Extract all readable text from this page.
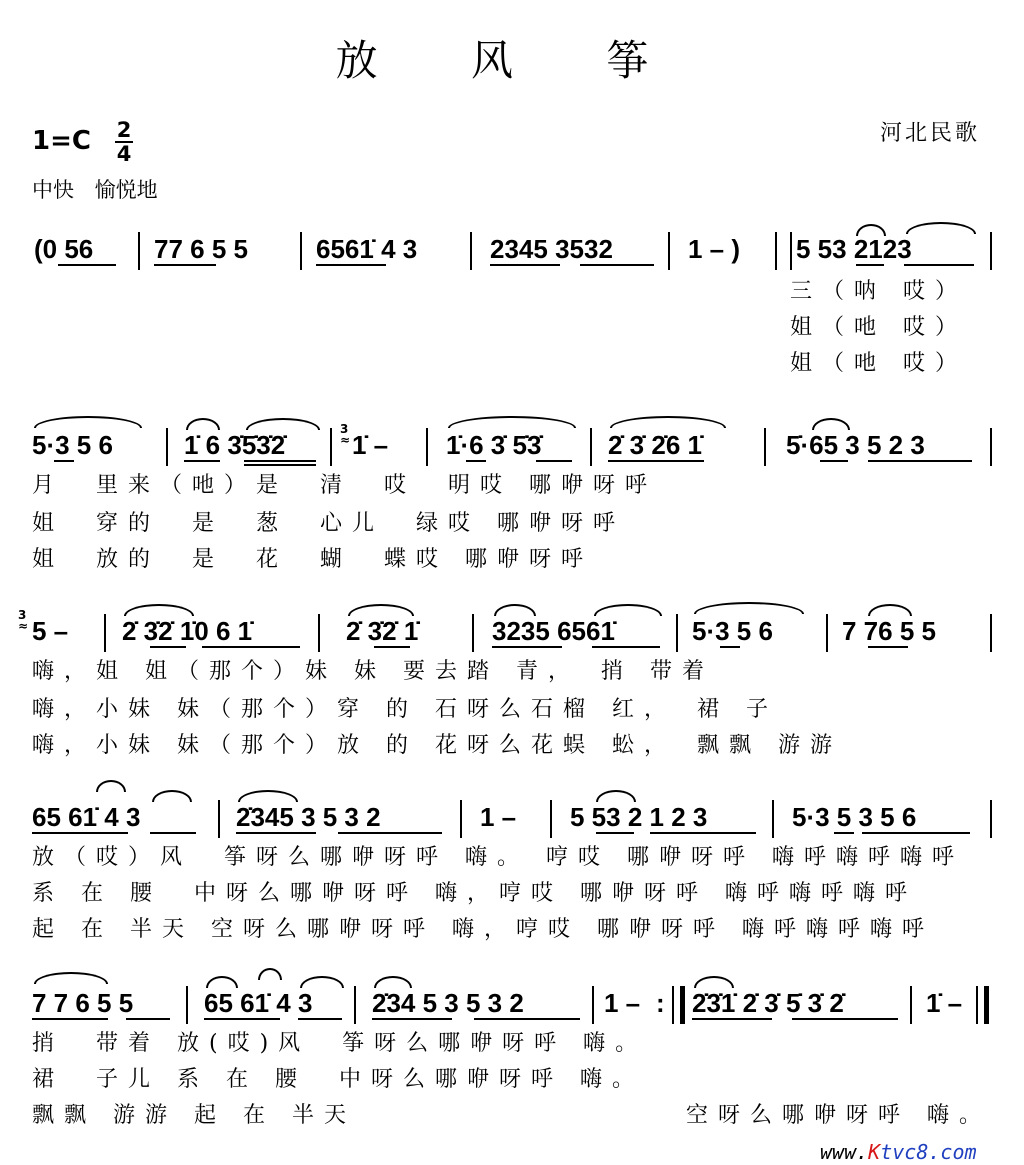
放 风 筝
河北民歌
1=C 2
4
中快 愉悦地
(0 56 77 6 5 5	6561̇ 4 3	2345 3532	1 – ) 5 53 2123
三（呐 哎）
姐（吔 哎）
姐（吔 哎）
5·3 5 6	1̇ 6 3̇5̇3̇2̇	1̇ – 1̇·6 3̇ 5̇3̇	2̇ 3̇ 2̇6 1̇	5̇·65 3 5 2 3
3
≈
月　里来（吔）是　清　哎　明哎 哪咿呀呼
姐　穿的　是　葱　心儿　绿哎 哪咿呀呼
姐　放的　是　花　蝴　蝶哎 哪咿呀呼
3
≈ 5 – 2̇ 3̇2̇ 1̇0 6 1̇	2̇ 3̇2̇ 1̇	3235 6561̇	5·3 5 6	7 76 5 5
嗨，姐 姐（那个）妹 妹 要去踏 青，　捎 带着
嗨，小妹 妹（那个）穿 的 石呀么石榴 红，　裙 子
嗨，小妹 妹（那个）放 的 花呀么花蜈 蚣，　飘飘 游游
65 61̇ 4 3	2̇345 3 5 3 2	1 – 5 53 2 1 2 3	5·3 5 3 5 6
放（哎）风　筝呀么哪咿呀呼 嗨。 哼哎 哪咿呀呼 嗨呼嗨呼嗨呼
系 在 腰　中呀么哪咿呀呼 嗨，哼哎 哪咿呀呼 嗨呼嗨呼嗨呼
起 在 半天 空呀么哪咿呀呼 嗨，哼哎 哪咿呀呼 嗨呼嗨呼嗨呼
7 7 6 5 5	65 61̇ 4 3 2̇34 5 3 5 3 2	1 – 2̇3̇1̇ 2̇ 3̇ 5̇ 3̇ 2̇	1̇ –
:
捎　带着 放(哎)风　筝呀么哪咿呀呼 嗨。
裙　子儿 系 在 腰　中呀么哪咿呀呼 嗨。
飘飘 游游 起 在 半天	空呀么哪咿呀呼 嗨。
www.Ktvc8.com
